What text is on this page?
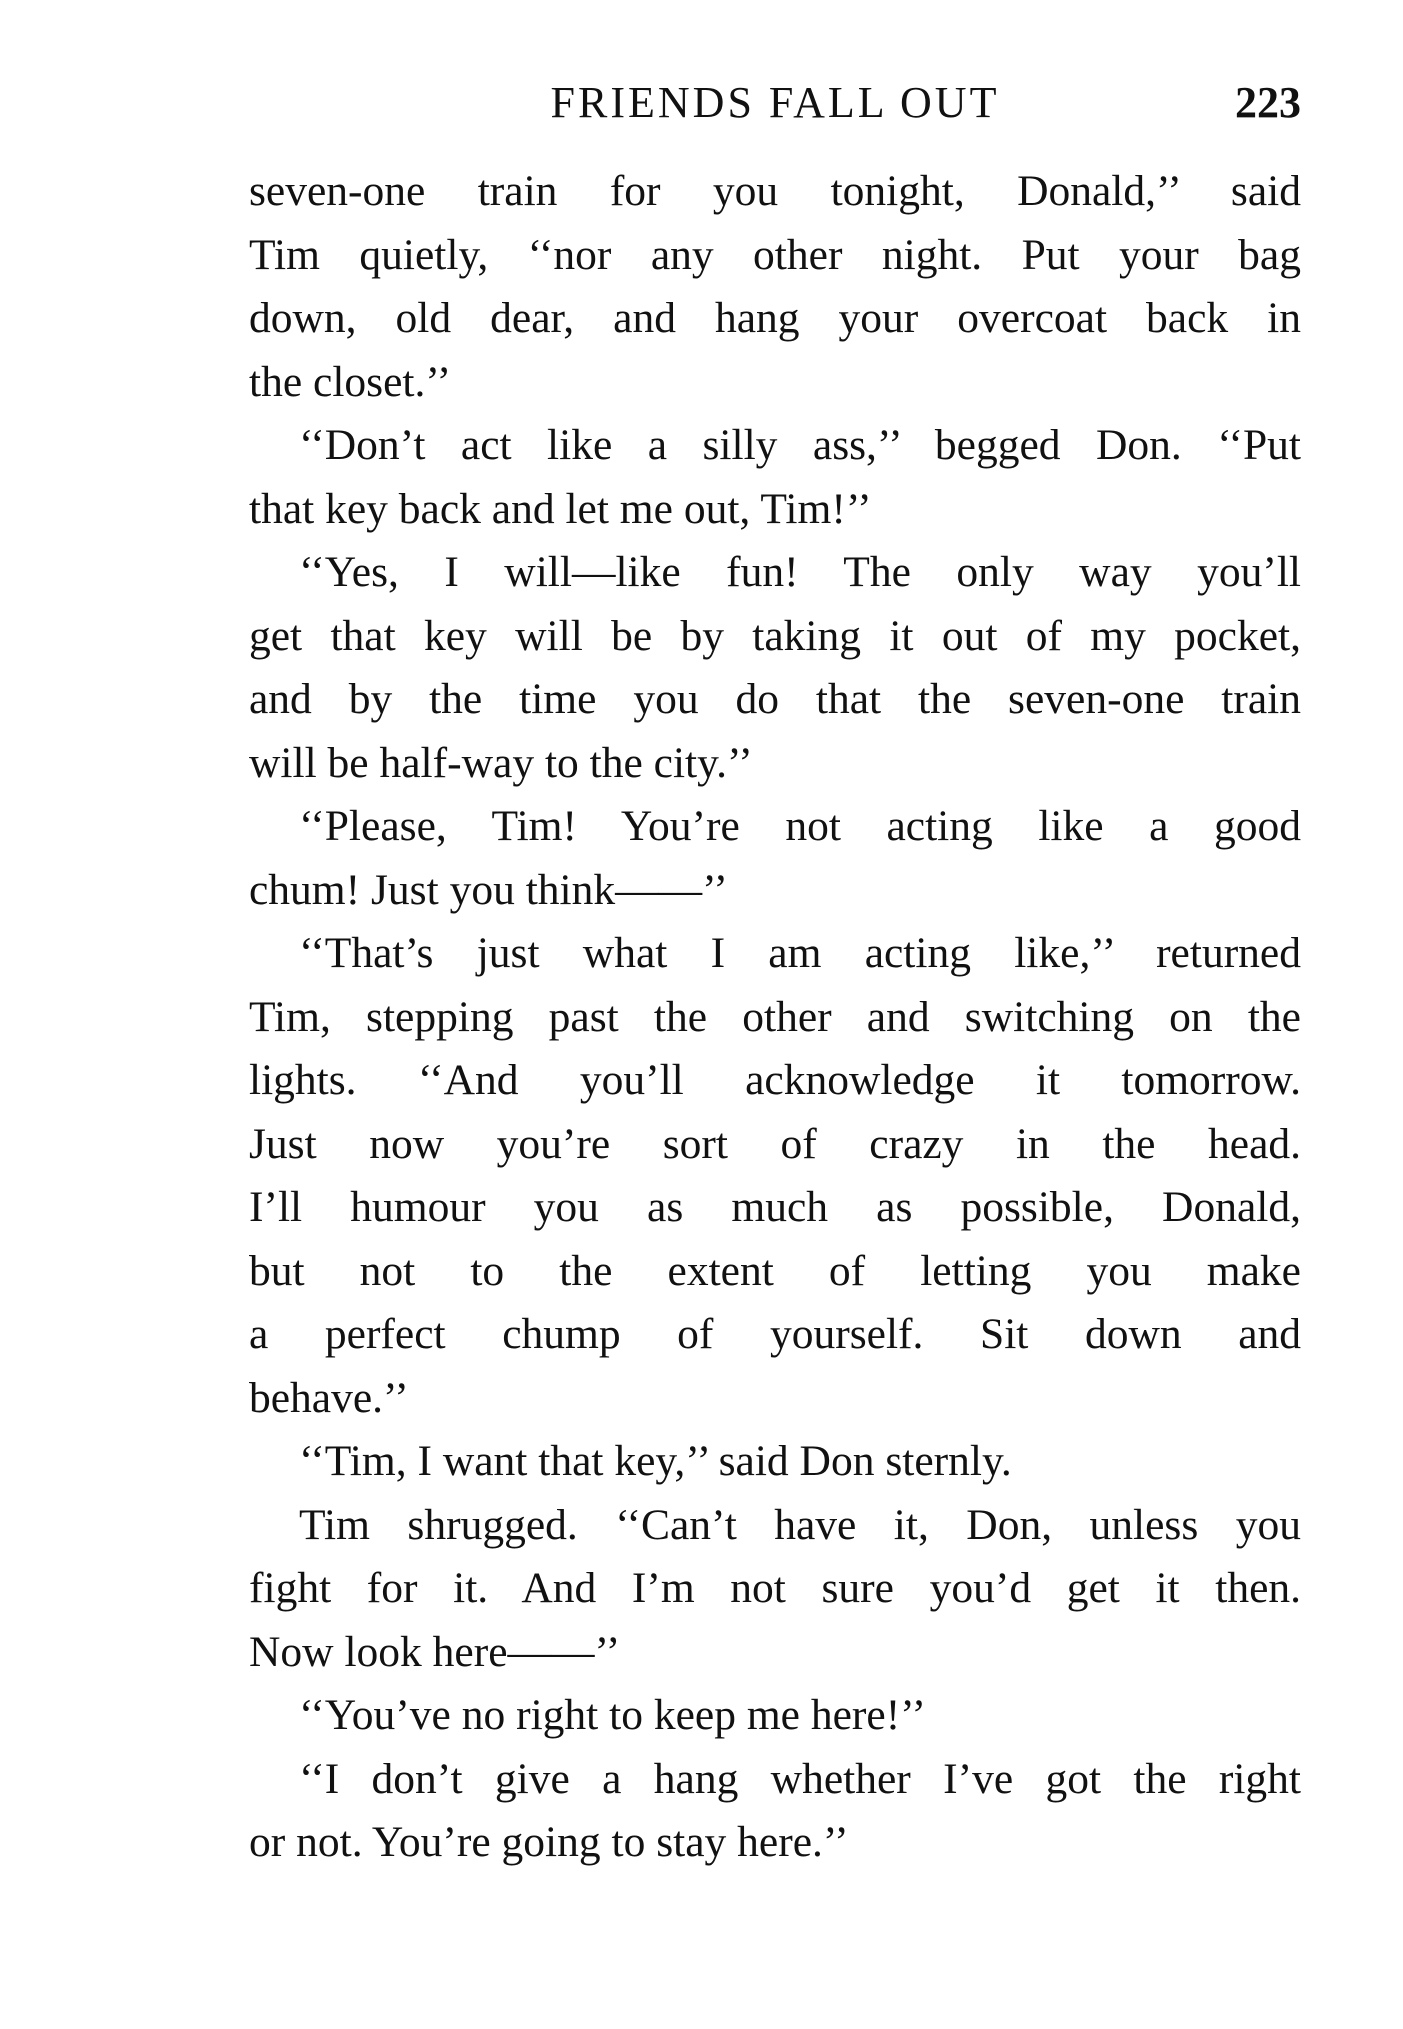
FRIENDS FALL OUT	223
seven-one train for you tonight, Donald,’’ said
Tim quietly, ‘‘nor any other night. Put your bag
down, old dear, and hang your overcoat back in
the closet.’’
‘‘Don’t act like a silly ass,’’ begged Don. ‘‘Put
that key back and let me out, Tim!’’
‘‘Yes, I will—like fun! The only way you’ll
get that key will be by taking it out of my pocket,
and by the time you do that the seven-one train
will be half-way to the city.’’
‘‘Please, Tim! You’re not acting like a good
chum! Just you think——’’
‘‘That’s just what I am acting like,’’ returned
Tim, stepping past the other and switching on the
lights. ‘‘And you’ll acknowledge it tomorrow.
Just now you’re sort of crazy in the head.
I’ll humour you as much as possible, Donald,
but not to the extent of letting you make
a perfect chump of yourself. Sit down and
behave.’’
‘‘Tim, I want that key,’’ said Don sternly.
Tim shrugged. ‘‘Can’t have it, Don, unless you
fight for it. And I’m not sure you’d get it then.
Now look here——’’
‘‘You’ve no right to keep me here!’’
‘‘I don’t give a hang whether I’ve got the right
or not. You’re going to stay here.’’
